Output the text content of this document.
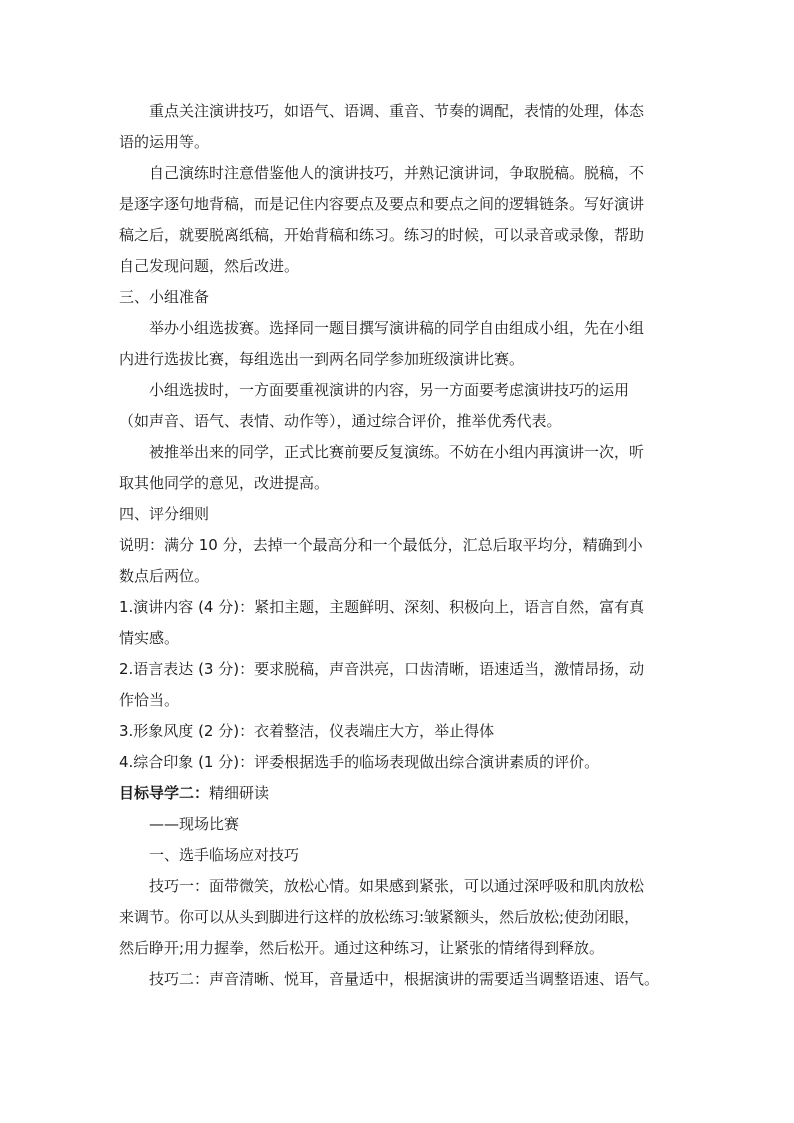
重点关注演讲技巧，如语气、语调、重音、节奏的调配，表情的处理，体态
语的运用等。
自己演练时注意借鉴他人的演讲技巧，并熟记演讲词，争取脱稿。脱稿，不
是逐字逐句地背稿，而是记住内容要点及要点和要点之间的逻辑链条。写好演讲
稿之后，就要脱离纸稿，开始背稿和练习。练习的时候，可以录音或录像，帮助
自己发现问题，然后改进。
三、小组准备
举办小组选拔赛。选择同一题目撰写演讲稿的同学自由组成小组，先在小组
内进行选拔比赛，每组选出一到两名同学参加班级演讲比赛。
小组选拔时，一方面要重视演讲的内容，另一方面要考虑演讲技巧的运用
（如声音、语气、表情、动作等），通过综合评价，推举优秀代表。
被推举出来的同学，正式比赛前要反复演练。不妨在小组内再演讲一次，听
取其他同学的意见，改进提高。
四、评分细则
说明：满分 10 分，去掉一个最高分和一个最低分，汇总后取平均分，精确到小
数点后两位。
1.演讲内容 (4 分)：紧扣主题，主题鲜明、深刻、积极向上，语言自然，富有真
情实感。
2.语言表达 (3 分)：要求脱稿，声音洪亮，口齿清晰，语速适当，激情昂扬，动
作恰当。
3.形象风度 (2 分)：衣着整洁，仪表端庄大方，举止得体
4.综合印象 (1 分)：评委根据选手的临场表现做出综合演讲素质的评价。
目标导学二：精细研读
——现场比赛
一、选手临场应对技巧
技巧一：面带微笑，放松心情。如果感到紧张，可以通过深呼吸和肌肉放松
来调节。你可以从头到脚进行这样的放松练习:皱紧额头，然后放松;使劲闭眼，
然后睁开;用力握拳，然后松开。通过这种练习，让紧张的情绪得到释放。
技巧二：声音清晰、悦耳，音量适中，根据演讲的需要适当调整语速、语气。
